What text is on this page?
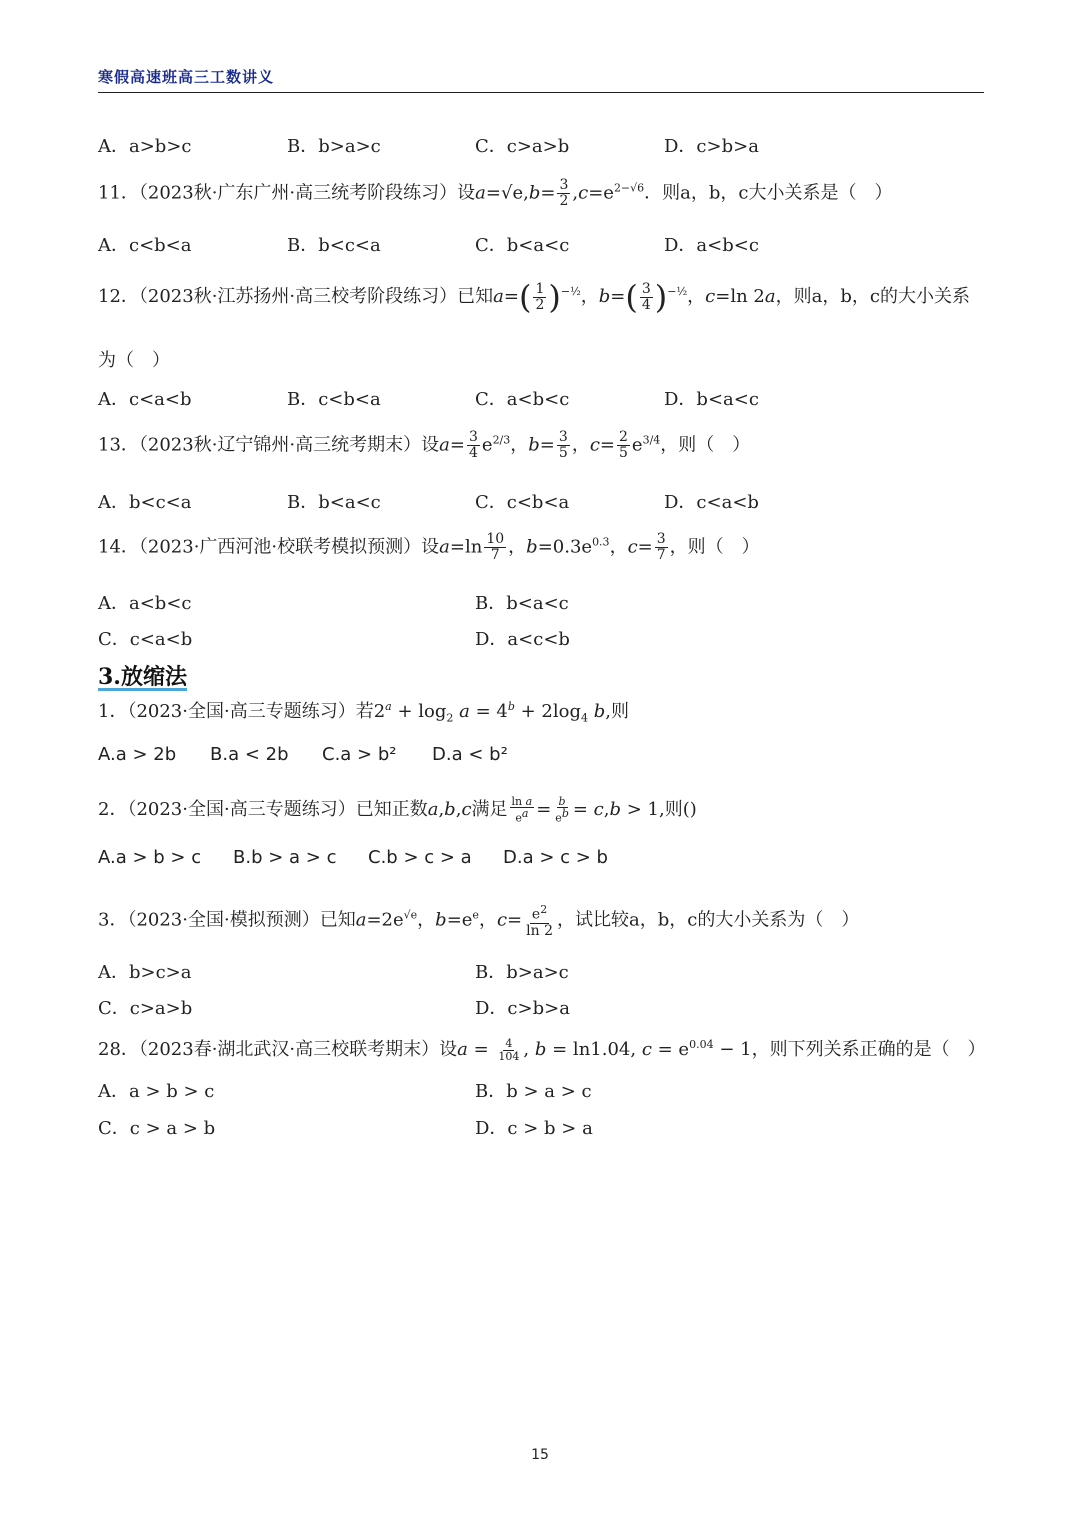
寒假高速班高三工数讲义
A．a>b>c	B．b>a>c	C．c>a>b	D．c>b>a
11．（2023秋·广东广州·高三统考阶段练习）设$a=√e,b= \frac{3}{2} ,c=e^{2-√6}$．则a，b，c大小关系是（　）
A．c<b<a	B．b<c<a	C．b<a<c	D．a<b<c
12．（2023秋·江苏扬州·高三校考阶段练习）已知$a=( \frac{1}{2} )^{-\frac{1}{2}}$，$b=( \frac{3}{4} )^{-\frac{1}{2}}$，c=ln 2a，则a，b，c的大小关系
为（　）
A．c<a<b	B．c<b<a	C．a<b<c	D．b<a<c
13．（2023秋·辽宁锦州·高三统考期末）设$a= \frac{3}{4} e^{2/3}$，$b= \frac{3}{5}$ ，$c= \frac{2}{5} e^{3/4}$，则（　）
A．b<c<a	B．b<a<c	C．c<b<a	D．c<a<b
14．（2023·广西河池·校联考模拟预测）设$a=\ln \frac{10}{7}$ ，$b=0.3e^{0.3}$，$c= \frac{3}{7}$ ，则（　）
A．a<b<c	B．b<a<c
C．c<a<b	D．a<c<b
3.放缩法
1．（2023·全国·高三专题练习）若$2^a + \log_2 a = 4^b + 2\log_4$ b,则
A.a > 2b B.a < 2b C.a > b² D.a < b²
2．（2023·全国·高三专题练习）已知正数a,b,c满足 $\frac{\text{ln a}}{e^a} = \frac{b}{e^b} = c,b > 1$,则()
A.a > b > c B.b > a > c C.b > c > a D.a > c > b
3．（2023·全国·模拟预测）已知$a=2e^{√e}$，$b=e^e$，$c= \frac{e^2}{\ln 2}$ ，试比较a，b，c的大小关系为（　）
A．b>c>a	B．b>a>c
C．c>a>b	D．c>b>a
28．（2023春·湖北武汉·高三校联考期末）设$a = \frac{4}{104}$ , b = ln1.04, $c = e^{0.04} - 1$，则下列关系正确的是（　）
A．a > b > c	B．b > a > c
C．c > a > b	D．c > b > a
15
